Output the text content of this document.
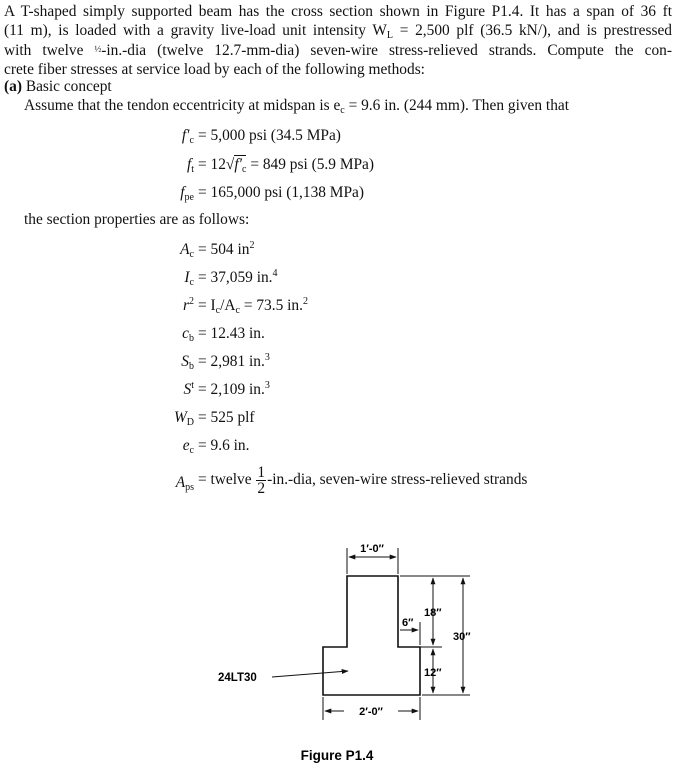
A T-shaped simply supported beam has the cross section shown in Figure P1.4. It has a span of 36 ft
(11 m), is loaded with a gravity live-load unit intensity $W_L = 2,500$ plf (36.5 kN/), and is prestressed
with twelve ½-in.-dia (twelve 12.7-mm-dia) seven-wire stress-relieved strands. Compute the con-
crete fiber stresses at service load by each of the following methods:
(a) Basic concept
Assume that the tendon eccentricity at midspan is $e_c = 9.6$ in. (244 mm). Then given that
$f'_c = 5,000$ psi (34.5 MPa)
$f_t = 12√f'_c = 849$ psi (5.9 MPa)
$f_{pe} = 165,000$ psi (1,138 MPa)
the section properties are as follows:
$A_c = 504$ $in^2$
$I_c = 37,059$ in.$^4$
$r^2 = I_c/A_c = 73.5$ in.$^2$
$c_b = 12.43$ in.
$S_b = 2,981$ in.$^3$
$S^t = 2,109$ in.$^3$
$W_D = 525$ plf
$e_c = 9.6$ in.
$A_{ps}$ = twelve $\frac{1}{2} -in.-dia$, seven-wire stress-relieved strands
1′-0″
18″
6″
12″
30″
2′-0″
24LT30
Figure P1.4
